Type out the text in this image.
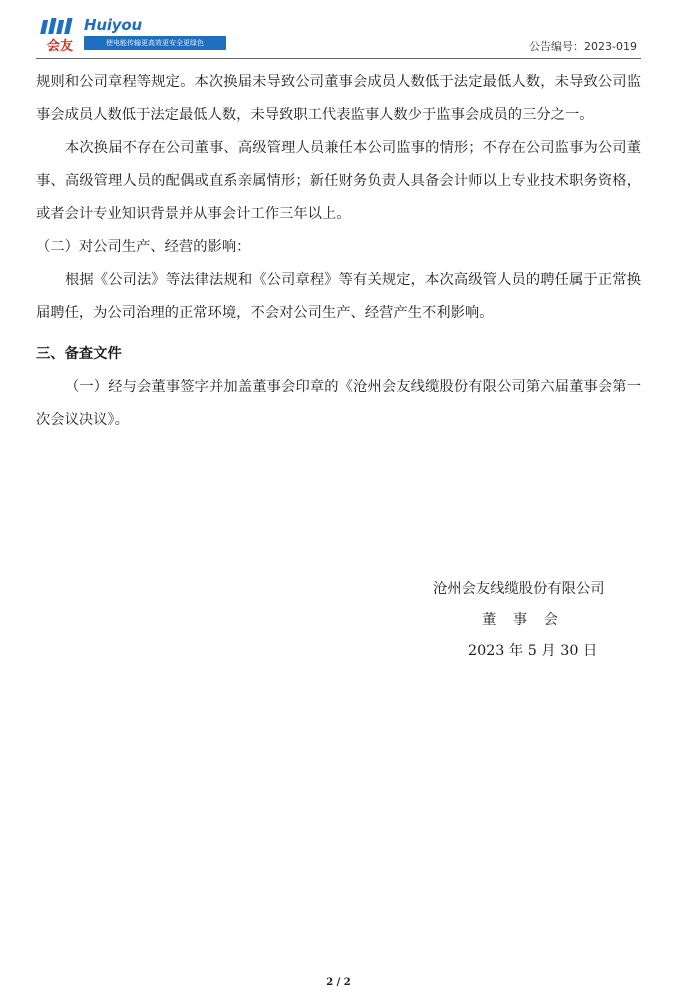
会友
Huiyou
使电能传输更高效更安全更绿色	公告编号：2023-019

规则和公司章程等规定。本次换届未导致公司董事会成员人数低于法定最低人数，未导致公司监事会成员人数低于法定最低人数，未导致职工代表监事人数少于监事会成员的三分之一。

本次换届不存在公司董事、高级管理人员兼任本公司监事的情形；不存在公司监事为公司董事、高级管理人员的配偶或直系亲属情形；新任财务负责人具备会计师以上专业技术职务资格，或者会计专业知识背景并从事会计工作三年以上。

（二）对公司生产、经营的影响：

根据《公司法》等法律法规和《公司章程》等有关规定，本次高级管人员的聘任属于正常换届聘任，为公司治理的正常环境，不会对公司生产、经营产生不利影响。

三、备查文件

（一）经与会董事签字并加盖董事会印章的《沧州会友线缆股份有限公司第六届董事会第一次会议决议》。

沧州会友线缆股份有限公司
董 事 会
2023 年 5 月 30 日
2 / 2
